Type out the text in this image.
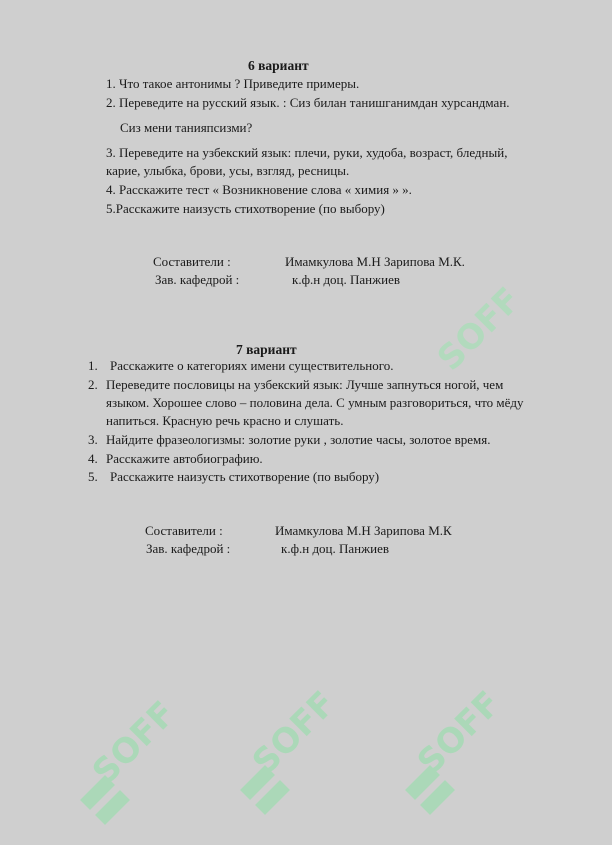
6 вариант
1. Что такое антонимы ? Приведите примеры.
2. Переведите на русский язык. : Сиз билан танишганимдан хурсандман.
Сиз мени танияпсизми?
3. Переведите на узбекский язык: плечи, руки, худоба, возраст, бледный,
карие, улыбка, брови, усы, взгляд, ресницы.
4. Расскажите тест « Возникновение слова « химия » ».
5.Расскажите наизусть стихотворение (по выбору)
Составители :	Имамкулова М.Н Зарипова М.К.
Зав. кафедрой :	к.ф.н доц. Панжиев
7 вариант
1. Расскажите о категориях имени существительного.
2. Переведите пословицы на узбекский язык: Лучше запнуться ногой, чем
языком. Хорошее слово – половина дела. С умным разговориться, что мёду
напиться. Красную речь красно и слушать.
3. Найдите фразеологизмы: золотие руки , золотие часы, золотое время.
4. Расскажите автобиографию.
5. Расскажите наизусть стихотворение (по выбору)
Составители :	Имамкулова М.Н Зарипова М.К
Зав. кафедрой :	к.ф.н доц. Панжиев
SOFF
SOFF SOFF SOFF
